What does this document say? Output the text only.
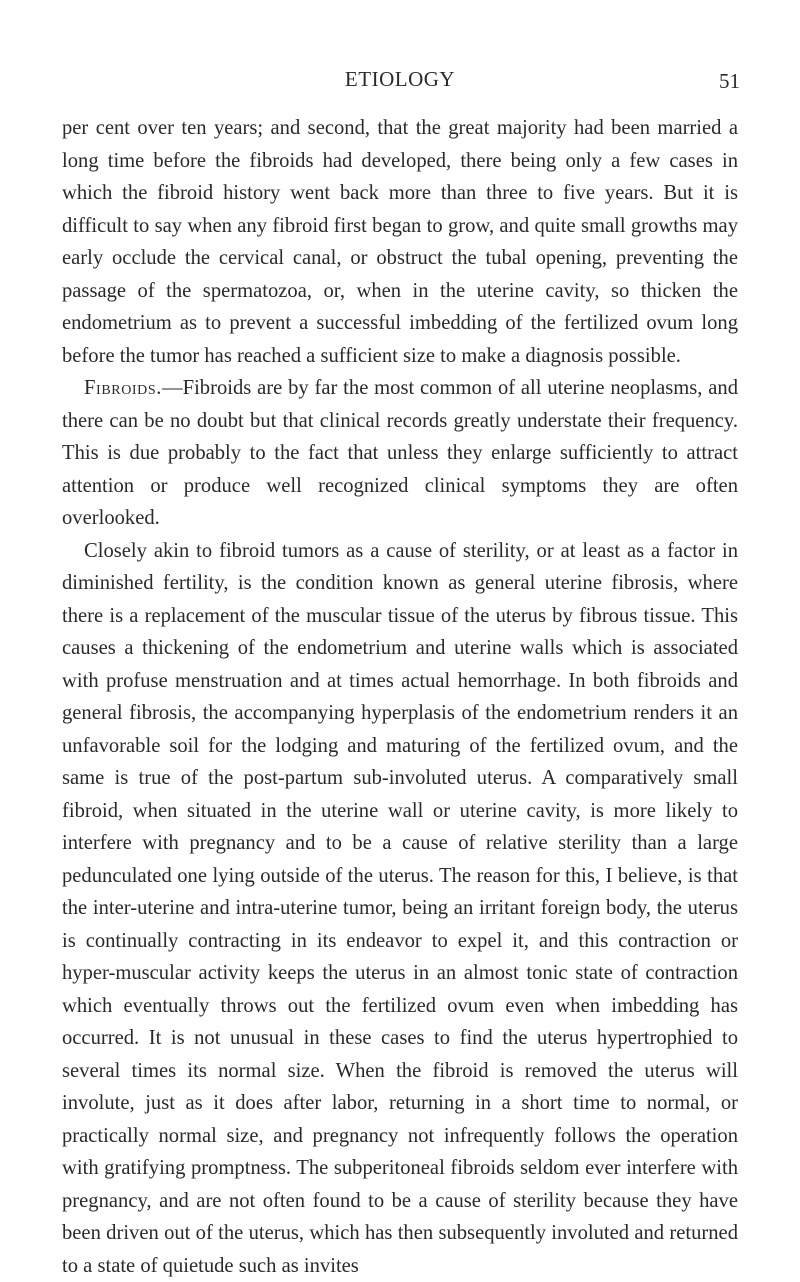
ETIOLOGY	51

per cent over ten years; and second, that the great majority had been married a long time before the fibroids had developed, there being only a few cases in which the fibroid history went back more than three to five years. But it is difficult to say when any fibroid first began to grow, and quite small growths may early occlude the cervical canal, or obstruct the tubal opening, preventing the passage of the spermatozoa, or, when in the uterine cavity, so thicken the endometrium as to prevent a successful imbedding of the fertilized ovum long before the tumor has reached a sufficient size to make a diagnosis possible.

Fibroids.—Fibroids are by far the most common of all uterine neoplasms, and there can be no doubt but that clinical records greatly understate their frequency. This is due probably to the fact that unless they enlarge sufficiently to attract attention or produce well recognized clinical symptoms they are often overlooked.

Closely akin to fibroid tumors as a cause of sterility, or at least as a factor in diminished fertility, is the condition known as general uterine fibrosis, where there is a replacement of the muscular tissue of the uterus by fibrous tissue. This causes a thickening of the endometrium and uterine walls which is associated with profuse menstruation and at times actual hemorrhage. In both fibroids and general fibrosis, the accompanying hyperplasis of the endometrium renders it an unfavorable soil for the lodging and maturing of the fertilized ovum, and the same is true of the post-partum sub-involuted uterus. A comparatively small fibroid, when situated in the uterine wall or uterine cavity, is more likely to interfere with pregnancy and to be a cause of relative sterility than a large pedunculated one lying outside of the uterus. The reason for this, I believe, is that the inter-uterine and intra-uterine tumor, being an irritant foreign body, the uterus is continually contracting in its endeavor to expel it, and this contraction or hyper-muscular activity keeps the uterus in an almost tonic state of contraction which eventually throws out the fertilized ovum even when imbedding has occurred. It is not unusual in these cases to find the uterus hypertrophied to several times its normal size. When the fibroid is removed the uterus will involute, just as it does after labor, returning in a short time to normal, or practically normal size, and pregnancy not infrequently follows the operation with gratifying promptness. The subperitoneal fibroids seldom ever interfere with pregnancy, and are not often found to be a cause of sterility because they have been driven out of the uterus, which has then subsequently involuted and returned to a state of quietude such as invites
